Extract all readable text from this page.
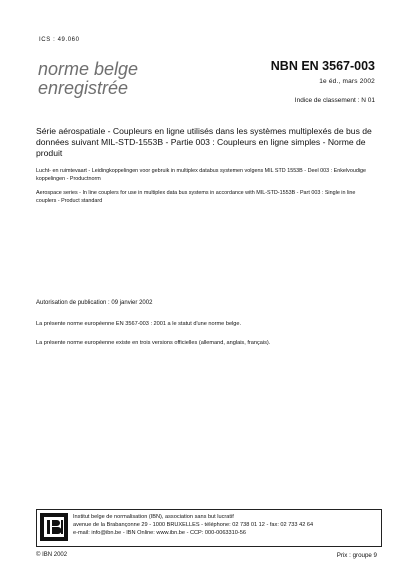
ICS : 49.060
norme belge
enregistrée
NBN EN 3567-003
1e éd., mars 2002
Indice de classement : N 01
Série aérospatiale - Coupleurs en ligne utilisés dans les systèmes multiplexés de bus de données suivant MIL-STD-1553B - Partie 003 : Coupleurs en ligne simples - Norme de produit
Lucht- en ruimtevaart - Leidingkoppelingen voor gebruik in multiplex databus systemen volgens MIL STD 1553B - Deel 003 : Enkelvoudige koppelingen - Productnorm
Aerospace series - In line couplers for use in multiplex data bus systems in accordance with MIL-STD-1553B - Part 003 : Single in line couplers - Product standard
Autorisation de publication : 09 janvier 2002
La présente norme européenne EN 3567-003 : 2001 a le statut d'une norme belge.
La présente norme européenne existe en trois versions officielles (allemand, anglais, français).
Institut belge de normalisation (IBN), association sans but lucratif
avenue de la Brabançonne 29 - 1000 BRUXELLES - téléphone: 02 738 01 12 - fax: 02 733 42 64
e-mail: info@ibn.be - IBN Online: www.ibn.be - CCP: 000-0063310-56
© IBN 2002	Prix : groupe 9
